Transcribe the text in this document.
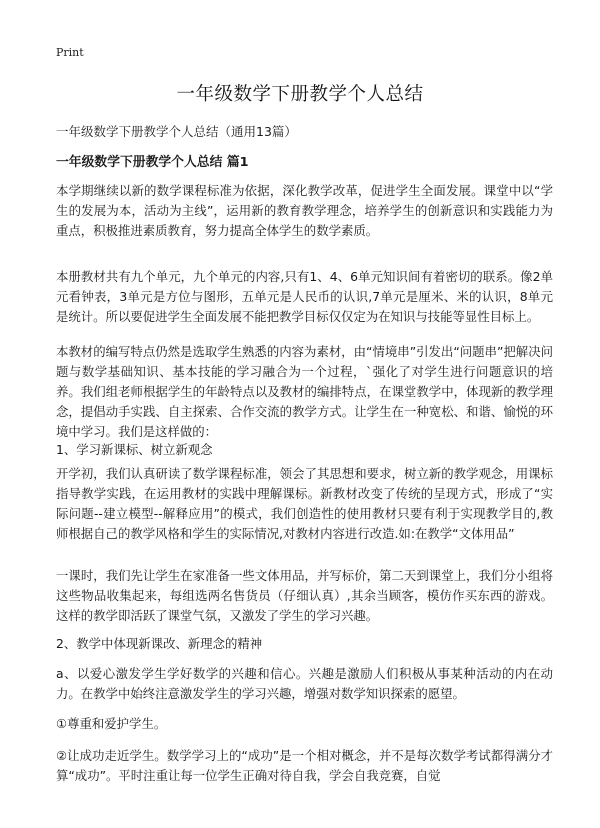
Print
一年级数学下册教学个人总结
一年级数学下册教学个人总结（通用13篇）
一年级数学下册教学个人总结 篇1

本学期继续以新的数学课程标准为依据，深化教学改革，促进学生全面发展。课堂中以“学生的发展为本，活动为主线”，运用新的教育教学理念，培养学生的创新意识和实践能力为重点，积极推进素质教育，努力提高全体学生的数学素质。

本册教材共有九个单元，九个单元的内容,只有1、4、6单元知识间有着密切的联系。像2单元看钟表，3单元是方位与图形，五单元是人民币的认识,7单元是厘米、米的认识，8单元是统计。所以要促进学生全面发展不能把教学目标仅仅定为在知识与技能等显性目标上。

本教材的编写特点仍然是选取学生熟悉的内容为素材，由“情境串”引发出“问题串”把解决问题与数学基础知识、基本技能的学习融合为一个过程，`强化了对学生进行问题意识的培养。我们组老师根据学生的年龄特点以及教材的编排特点，在课堂教学中，体现新的教学理念，提倡动手实践、自主探索、合作交流的教学方式。让学生在一种宽松、和谐、愉悦的环境中学习。我们是这样做的：

1、学习新课标、树立新观念

开学初，我们认真研读了数学课程标准，领会了其思想和要求，树立新的教学观念，用课标指导教学实践，在运用教材的实践中理解课标。新教材改变了传统的呈现方式，形成了“实际问题--建立模型--解释应用”的模式，我们创造性的使用教材只要有利于实现教学目的,教师根据自己的教学风格和学生的实际情况,对教材内容进行改造.如:在教学“文体用品”

一课时，我们先让学生在家准备一些文体用品，并写标价，第二天到课堂上，我们分小组将这些物品收集起来，每组选两名售货员（仔细认真）,其余当顾客，模仿作买东西的游戏。这样的教学即活跃了课堂气氛，又激发了学生的学习兴趣。

2、教学中体现新课改、新理念的精神

a、以爱心激发学生学好数学的兴趣和信心。兴趣是激励人们积极从事某种活动的内在动力。在教学中始终注意激发学生的学习兴趣，增强对数学知识探索的愿望。

①尊重和爱护学生。

②让成功走近学生。数学学习上的“成功”是一个相对概念，并不是每次数学考试都得满分才算“成功”。平时注重让每一位学生正确对待自我，学会自我竞赛，自觉
